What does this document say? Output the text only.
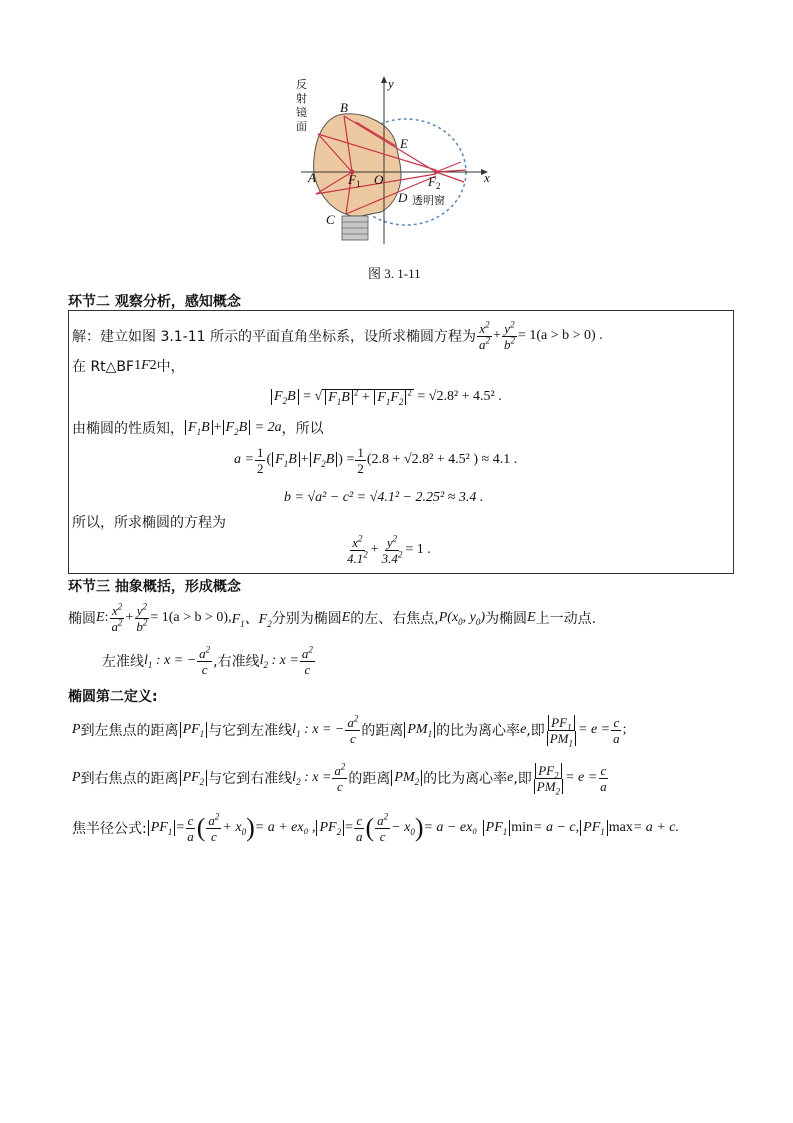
y
x
B
E
A F 1 O	F 2
C
D
反
射
镜
面
透明窗
图 3. 1-11
环节二 观察分析，感知概念
解：建立如图 3.1-11 所示的平面直角坐标系，设所求椭圆方程为 $\frac{x^2}{a^2} + \frac{y^2}{b^2} = 1(a > b > 0)$ .
在 Rt△BF 1 F 2 中，
$F_2B$ = √ $F_1B$ $^2 + F_1F_2^2$
= √2.8² + 4.5² .
由椭圆的性质知， $F_1B + F_2B = 2a$ ，所以
$a = \frac{1}{2}$ ( $F_1B + F_2B$ ) = $\frac{1}{2} (2.8 + √2.8^2 + 4.5^2$ ) ≈ 4.1 .
b = √a² − c² = √4.1² − 2.25² ≈ 3.4 .
所以，所求椭圆的方程为
$\frac{x^2}{4.1^2} + \frac{y^2}{3.4^2} = 1$ .
环节三 抽象概括，形成概念
椭圆 E : $\frac{x^2}{a^2} + \frac{y^2}{b^2} = 1(a > b > 0)$, $F_1$、$F_2$ 分别为椭圆 E 的左、右焦点, $P(x_0$, $y_0$) 为椭圆 E 上一动点.
左准线 $l_1$ : x = − $\frac{a^2}{c}$ ,右准线 $l_2$ : $x = \frac{a^2}{c}$
椭圆第二定义:
P 到左焦点的距离 $PF_1$ 与它到左准线 $l_1$ : x = − $\frac{a^2}{c}$ 的距离 $PM_1$ 的比为离心率 e ,即 $\frac{PF_1}{PM_1} = e = \frac{c}{a}$ ;
P 到右焦点的距离 $PF_2$ 与它到右准线 $l_2$ : $x = \frac{a^2}{c}$ 的距离 $PM_2$ 的比为离心率 e ,即 $\frac{PF_2}{PM_2} = e = \frac{c}{a}$
焦半径公式: $PF_1 = \frac{c}{a}$ ( $\frac{a^2}{c} + x_0$ ) = a + ex₀ , $PF_2 = \frac{c}{a}$ ( $\frac{a^2}{c} - x_0$ ) = a − ex₀
$PF_1$ min = a − c, $PF_1$ max = a + c.
